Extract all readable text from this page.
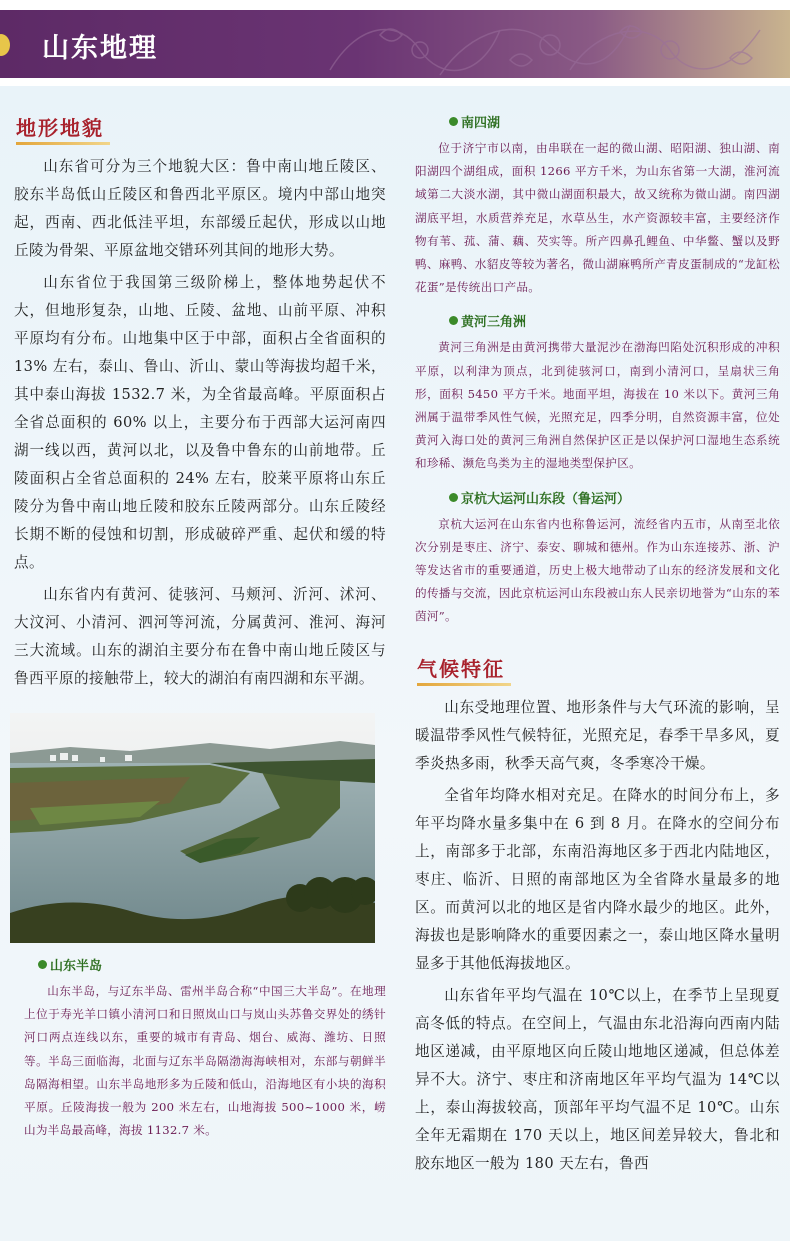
山东地理
地形地貌

山东省可分为三个地貌大区：鲁中南山地丘陵区、胶东半岛低山丘陵区和鲁西北平原区。境内中部山地突起，西南、西北低洼平坦，东部缓丘起伏，形成以山地丘陵为骨架、平原盆地交错环列其间的地形大势。

山东省位于我国第三级阶梯上，整体地势起伏不大，但地形复杂，山地、丘陵、盆地、山前平原、冲积平原均有分布。山地集中区于中部，面积占全省面积的 13% 左右，泰山、鲁山、沂山、蒙山等海拔均超千米，其中泰山海拔 1532.7 米，为全省最高峰。平原面积占全省总面积的 60% 以上，主要分布于西部大运河南四湖一线以西，黄河以北，以及鲁中鲁东的山前地带。丘陵面积占全省总面积的 24% 左右，胶莱平原将山东丘陵分为鲁中南山地丘陵和胶东丘陵两部分。山东丘陵经长期不断的侵蚀和切割，形成破碎严重、起伏和缓的特点。

山东省内有黄河、徒骇河、马颊河、沂河、沭河、大汶河、小清河、泗河等河流，分属黄河、淮河、海河三大流域。山东的湖泊主要分布在鲁中南山地丘陵区与鲁西平原的接触带上，较大的湖泊有南四湖和东平湖。

山东半岛

山东半岛，与辽东半岛、雷州半岛合称“中国三大半岛”。在地理上位于寿光羊口镇小清河口和日照岚山口与岚山头苏鲁交界处的绣针河口两点连线以东，重要的城市有青岛、烟台、威海、潍坊、日照等。半岛三面临海，北面与辽东半岛隔渤海海峡相对，东部与朝鲜半岛隔海相望。山东半岛地形多为丘陵和低山，沿海地区有小块的海积平原。丘陵海拔一般为 200 米左右，山地海拔 500~1000 米，崂山为半岛最高峰，海拔 1132.7 米。

南四湖

位于济宁市以南，由串联在一起的微山湖、昭阳湖、独山湖、南阳湖四个湖组成，面积 1266 平方千米，为山东省第一大湖，淮河流域第二大淡水湖，其中微山湖面积最大，故又统称为微山湖。南四湖湖底平坦，水质营养充足，水草丛生，水产资源较丰富，主要经济作物有苇、菰、蒲、藕、芡实等。所产四鼻孔鲤鱼、中华鳖、蟹以及野鸭、麻鸭、水貂皮等较为著名，微山湖麻鸭所产青皮蛋制成的“龙缸松花蛋”是传统出口产品。

黄河三角洲

黄河三角洲是由黄河携带大量泥沙在渤海凹陷处沉积形成的冲积平原，以利津为顶点，北到徒骇河口，南到小清河口，呈扇状三角形，面积 5450 平方千米。地面平坦，海拔在 10 米以下。黄河三角洲属于温带季风性气候，光照充足，四季分明，自然资源丰富，位处黄河入海口处的黄河三角洲自然保护区正是以保护河口湿地生态系统和珍稀、濒危鸟类为主的湿地类型保护区。

京杭大运河山东段（鲁运河）

京杭大运河在山东省内也称鲁运河，流经省内五市，从南至北依次分别是枣庄、济宁、泰安、聊城和德州。作为山东连接苏、浙、沪等发达省市的重要通道，历史上极大地带动了山东的经济发展和文化的传播与交流，因此京杭运河山东段被山东人民亲切地誉为“山东的苯茵河”。

气候特征

山东受地理位置、地形条件与大气环流的影响，呈暖温带季风性气候特征，光照充足，春季干旱多风，夏季炎热多雨，秋季天高气爽，冬季寒冷干燥。

全省年均降水相对充足。在降水的时间分布上，多年平均降水量多集中在 6 到 8 月。在降水的空间分布上，南部多于北部，东南沿海地区多于西北内陆地区，枣庄、临沂、日照的南部地区为全省降水量最多的地区。而黄河以北的地区是省内降水最少的地区。此外，海拔也是影响降水的重要因素之一，泰山地区降水量明显多于其他低海拔地区。

山东省年平均气温在 10℃以上，在季节上呈现夏高冬低的特点。在空间上，气温由东北沿海向西南内陆地区递减，由平原地区向丘陵山地地区递减，但总体差异不大。济宁、枣庄和济南地区年平均气温为 14℃以上，泰山海拔较高，顶部年平均气温不足 10℃。山东全年无霜期在 170 天以上，地区间差异较大，鲁北和胶东地区一般为 180 天左右，鲁西
